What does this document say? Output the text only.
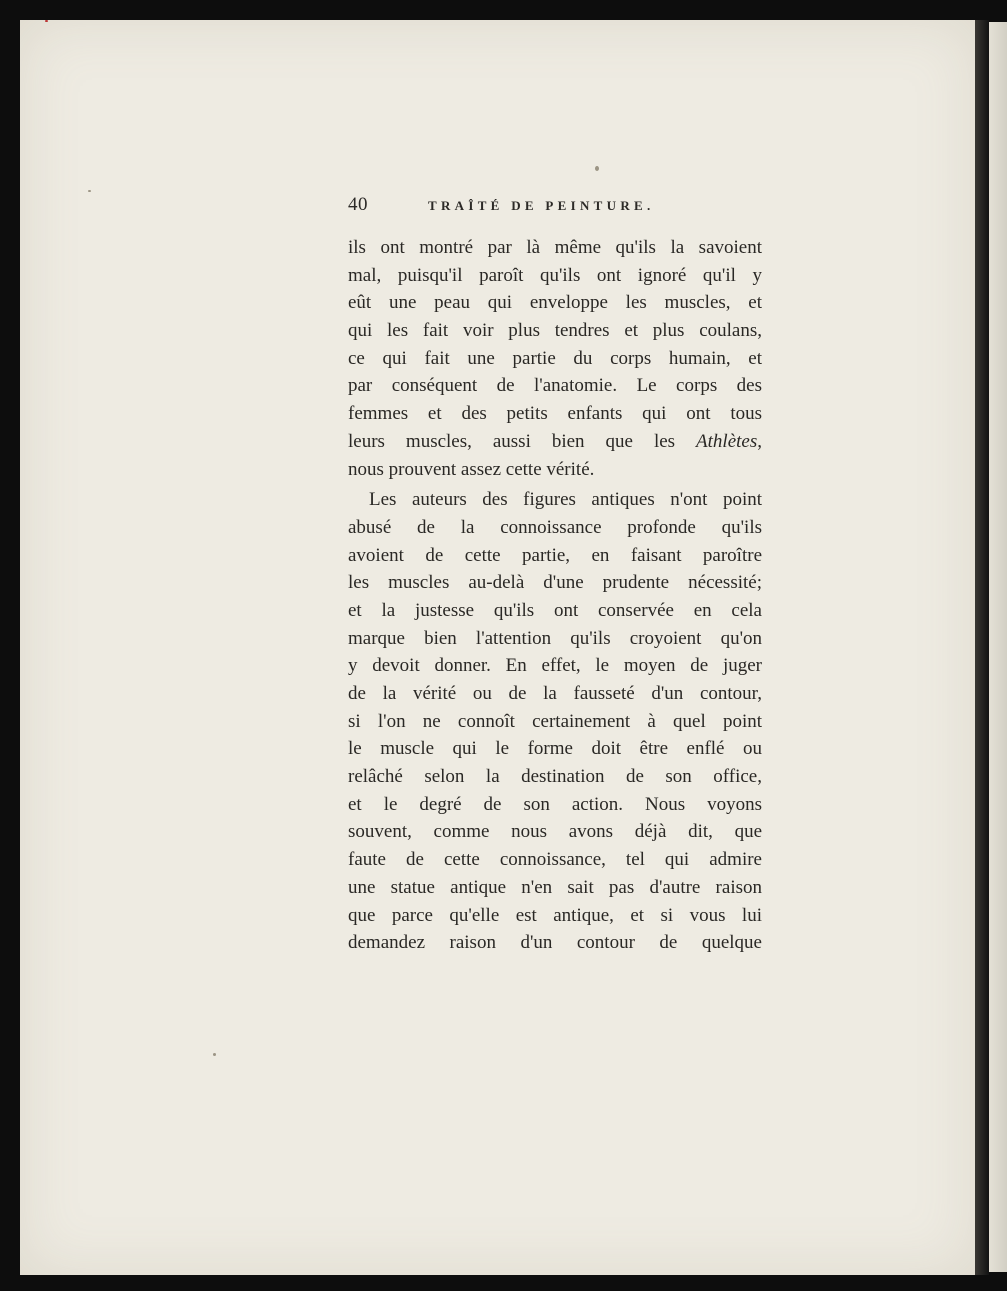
40	TRAÎTÉ DE PEINTURE.
ils ont montré par là même qu'ils la savoient
mal, puisqu'il paroît qu'ils ont ignoré qu'il y
eût une peau qui enveloppe les muscles, et
qui les fait voir plus tendres et plus coulans,
ce qui fait une partie du corps humain, et
par conséquent de l'anatomie. Le corps des
femmes et des petits enfants qui ont tous
leurs muscles, aussi bien que les Athlètes,
nous prouvent assez cette vérité.
Les auteurs des figures antiques n'ont point
abusé de la connoissance profonde qu'ils
avoient de cette partie, en faisant paroître
les muscles au-delà d'une prudente nécessité;
et la justesse qu'ils ont conservée en cela
marque bien l'attention qu'ils croyoient qu'on
y devoit donner. En effet, le moyen de juger
de la vérité ou de la fausseté d'un contour,
si l'on ne connoît certainement à quel point
le muscle qui le forme doit être enflé ou
relâché selon la destination de son office,
et le degré de son action. Nous voyons
souvent, comme nous avons déjà dit, que
faute de cette connoissance, tel qui admire
une statue antique n'en sait pas d'autre raison
que parce qu'elle est antique, et si vous lui
demandez raison d'un contour de quelque
